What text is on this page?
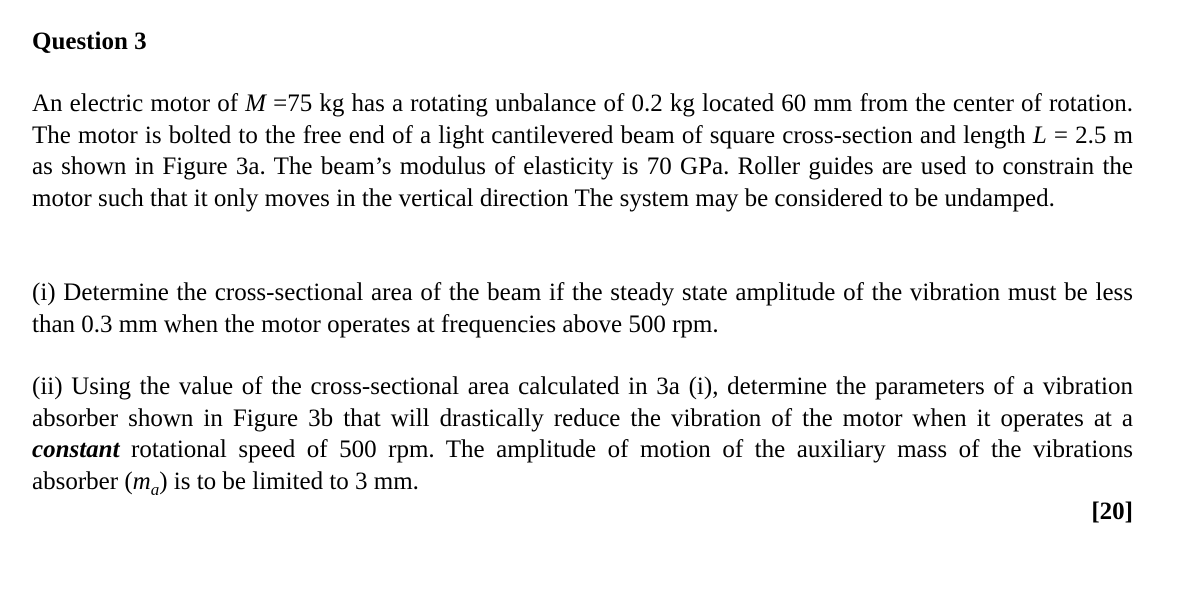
Question 3
An electric motor of M =75 kg has a rotating unbalance of 0.2 kg located 60 mm from the center of rotation. The motor is bolted to the free end of a light cantilevered beam of square cross-section and length L = 2.5 m as shown in Figure 3a. The beam’s modulus of elasticity is 70 GPa. Roller guides are used to constrain the motor such that it only moves in the vertical direction The system may be considered to be undamped.
(i) Determine the cross-sectional area of the beam if the steady state amplitude of the vibration must be less than 0.3 mm when the motor operates at frequencies above 500 rpm.
(ii) Using the value of the cross-sectional area calculated in 3a (i), determine the parameters of a vibration absorber shown in Figure 3b that will drastically reduce the vibration of the motor when it operates at a constant rotational speed of 500 rpm. The amplitude of motion of the auxiliary mass of the vibrations absorber $(m_a)$ is to be limited to 3 mm.
[20]
